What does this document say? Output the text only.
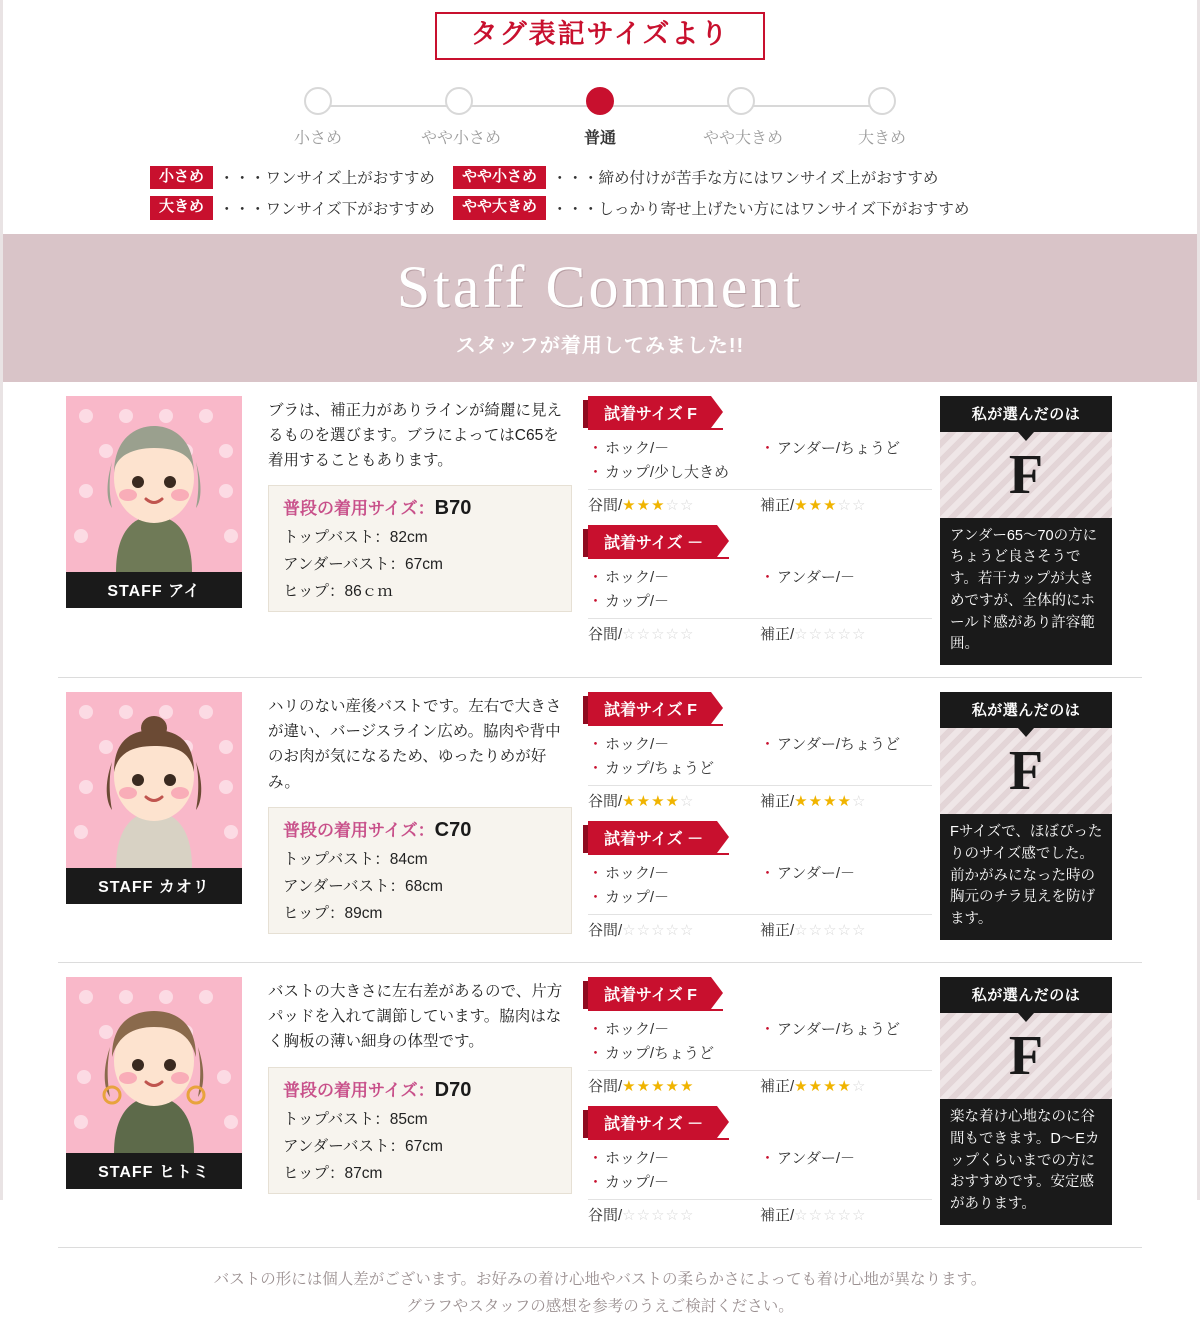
タグ表記サイズより
小さめ	やや小さめ	普通	やや大きめ	大きめ
小さめ ・・・ワンサイズ上がおすすめ	やや小さめ ・・・締め付けが苦手な方にはワンサイズ上がおすすめ
大きめ ・・・ワンサイズ下がおすすめ	やや大きめ ・・・しっかり寄せ上げたい方にはワンサイズ下がおすすめ
Staff Comment
スタッフが着用してみました!!
STAFF アイ
ブラは、補正力がありラインが綺麗に見えるものを選びます。ブラによってはC65を着用することもあります。
普段の着用サイズ：B70
トップバスト：82cm
アンダーバスト：67cm
ヒップ：86ｃｍ
試着サイズ F
・ ホック/－	・ アンダー/ちょうど
・ カップ/少し大きめ
谷間/★★★☆☆	補正/★★★☆☆
試着サイズ －
・ ホック/－	・ アンダー/－
・ カップ/－
谷間/☆☆☆☆☆	補正/☆☆☆☆☆
私が選んだのは
F
アンダー65〜70の方にちょうど良さそうです。若干カップが大きめですが、全体的にホールド感があり許容範囲。
STAFF カオリ
ハリのない産後バストです。左右で大きさが違い、バージスライン広め。脇肉や背中のお肉が気になるため、ゆったりめが好み。
普段の着用サイズ：C70
トップバスト：84cm
アンダーバスト：68cm
ヒップ：89cm
試着サイズ F
・ ホック/－	・ アンダー/ちょうど
・ カップ/ちょうど
谷間/★★★★☆	補正/★★★★☆
試着サイズ －
・ ホック/－	・ アンダー/－
・ カップ/－
谷間/☆☆☆☆☆	補正/☆☆☆☆☆
私が選んだのは
F
Fサイズで、ほぼぴったりのサイズ感でした。前かがみになった時の胸元のチラ見えを防げます。
STAFF ヒトミ
バストの大きさに左右差があるので、片方パッドを入れて調節しています。脇肉はなく胸板の薄い細身の体型です。
普段の着用サイズ：D70
トップバスト：85cm
アンダーバスト：67cm
ヒップ：87cm
試着サイズ F
・ ホック/－	・ アンダー/ちょうど
・ カップ/ちょうど
谷間/★★★★★	補正/★★★★☆
試着サイズ －
・ ホック/－	・ アンダー/－
・ カップ/－
谷間/☆☆☆☆☆	補正/☆☆☆☆☆
私が選んだのは
F
楽な着け心地なのに谷間もできます。D〜Eカップくらいまでの方におすすめです。安定感があります。
バストの形には個人差がございます。お好みの着け心地やバストの柔らかさによっても着け心地が異なります。
グラフやスタッフの感想を参考のうえご検討ください。
